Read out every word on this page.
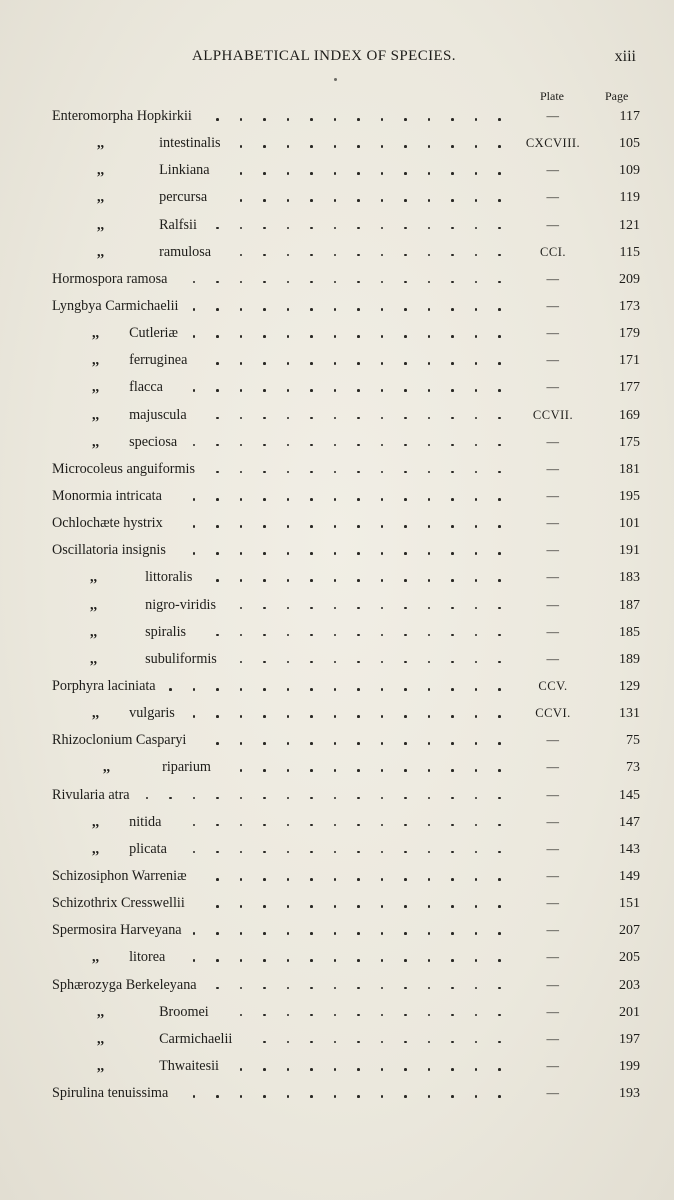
ALPHABETICAL INDEX OF SPECIES.	xiii
Plate	Page
Enteromorpha Hopkirkii	—	117
,,	intestinalis	CXCVIII.	105
,,	Linkiana	—	109
,,	percursa	—	119
,,	Ralfsii	—	121
,,	ramulosa	CCI.	115
Hormospora ramosa	—	209
Lyngbya Carmichaelii	—	173
,, Cutleriæ	—	179
,, ferruginea	—	171
,, flacca	—	177
,, majuscula	CCVII.	169
,, speciosa	—	175
Microcoleus anguiformis	—	181
Monormia intricata	—	195
Ochlochæte hystrix	—	101
Oscillatoria insignis	—	191
,,	littoralis	—	183
,,	nigro-viridis	—	187
,,	spiralis	—	185
,,	subuliformis	—	189
Porphyra laciniata	CCV.	129
,, vulgaris	CCVI.	131
Rhizoclonium Casparyi	—	75
,,	riparium	—	73
Rivularia atra	—	145
,, nitida	—	147
,, plicata	—	143
Schizosiphon Warreniæ	—	149
Schizothrix Cresswellii	—	151
Spermosira Harveyana	—	207
,, litorea	—	205
Sphærozyga Berkeleyana	—	203
,,	Broomei	—	201
,,	Carmichaelii	—	197
,,	Thwaitesii	—	199
Spirulina tenuissima	—	193
